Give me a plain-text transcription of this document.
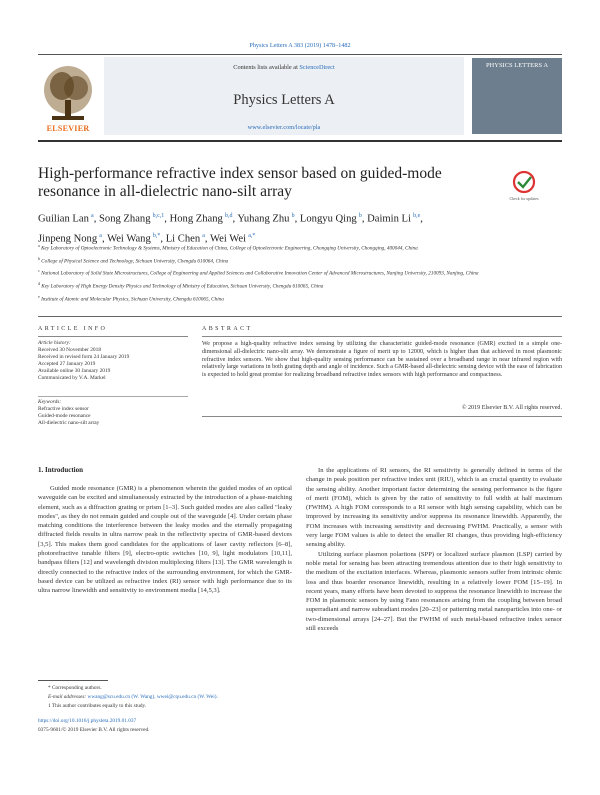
Physics Letters A 383 (2019) 1478–1482
ELSEVIER
Contents lists available at ScienceDirect
Physics Letters A
www.elsevier.com/locate/pla
PHYSICS LETTERS A
High-performance refractive index sensor based on guided-mode resonance in all-dielectric nano-silt array	Check for updates
Guilian Lan  $^a$, Song Zhang  $^{b,c,1}$, Hong Zhang  $^{b,d}$, Yuhang Zhu  $^b$, Longyu Qing  $^b$, Daimin Li  $^{b,e}$,
Jinpeng Nong  $^a$, Wei Wang  $^{b,*}$, Li Chen  $^a$, Wei Wei  $^{a,*}$
$^a$ Key Laboratory of Optoelectronic Technology & Systems, Ministry of Education of China, College of Optoelectronic Engineering, Chongqing University, Chongqing, 400044, China
$^b$ College of Physical Science and Technology, Sichuan University, Chengdu 610064, China
$^c$ National Laboratory of Solid State Microstructures, College of Engineering and Applied Sciences and Collaborative Innovation Center of Advanced Microstructures, Nanjing University, 210093, Nanjing, China
$^d$ Key Laboratory of High Energy Density Physics and Technology of Ministry of Education, Sichuan University, Chengdu 610065, China
$^e$ Institute of Atomic and Molecular Physics, Sichuan University, Chengdu 610065, China
ARTICLE INFO	ABSTRACT
Article history:
Received 30 November 2018
Received in revised form 24 January 2019
Accepted 27 January 2019
Available online 30 January 2019
Communicated by V.A. Markel
Keywords:
Refractive index sensor
Guided-mode resonance
All-dielectric nano-silt array
We propose a high-quality refractive index sensing by utilizing the characteristic guided-mode resonance (GMR) excited in a simple one-dimensional all-dielectric nano-slit array. We demonstrate a figure of merit up to 12000, which is higher than that achieved in most plasmonic refractive index sensors. We show that high-quality sensing performance can be sustained over a broadband range in near infrared region with relatively large variations in both grating depth and angle of incidence. Such a GMR-based all-dielectric sensing device with the ease of fabrication is expected to hold great promise for realizing broadband refractive index sensors with high performance and compactness.
© 2019 Elsevier B.V. All rights reserved.
1. Introduction
Guided mode resonance (GMR) is a phenomenon wherein the guided modes of an optical waveguide can be excited and simultaneously extracted by the introduction of a phase-matching element, such as a diffraction grating or prism [1–3]. Such guided modes are also called "leaky modes", as they do not remain guided and couple out of the waveguide [4]. Under certain phase matching conditions the interference between the leaky modes and the eternally propagating diffracted fields results in ultra narrow peak in the reflectivity spectra of GMR-based devices [3,5]. This makes them good candidates for the applications of laser cavity reflectors [6–8], photorefractive tunable filters [9], electro-optic switches [10, 9], light modulators [10,11], bandpass filters [12] and wavelength division multiplexing filters [13]. The GMR wavelength is directly connected to the refractive index of the surrounding environment, for which the GMR-based device can be utilized as refractive index (RI) sensor with high performance due to its ultra narrow linewidth and sensitivity to environment media [14,5,3].

In the applications of RI sensors, the RI sensitivity is generally defined in terms of the change in peak position per refractive index unit (RIU), which is an crucial quantity to evaluate the sensing ability. Another important factor determining the sensing performance is the figure of merit (FOM), which is given by the ratio of sensitivity to full width at half maximum (FWHM). A high FOM corresponds to a RI sensor with high sensing capability, which can be improved by increasing its sensitivity and/or suppress its resonance linewidth. Apparently, the FOM increases with increasing sensitivity and decreasing FWHM. Practically, a sensor with very large FOM values is able to detect the smaller RI changes, thus providing high-efficiency sensing ability.

Utilizing surface plasmon polaritons (SPP) or localized surface plasmon (LSP) carried by noble metal for sensing has been attracting tremendous attention due to their high sensitivity to the medium of the excitation interfaces. Whereas, plasmonic sensors suffer from intrinsic ohmic loss and thus boarder resonance linewidth, resulting in a relatively lower FOM [15–19]. In recent years, many efforts have been devoted to suppress the resonance linewidth to increase the FOM in plasmonic sensors by using Fano resonances arising from the coupling between broad superradiant and narrow subradiant modes [20–23] or patterning metal nanoparticles into one- or two-dimensional arrays [24–27]. But the FWHM of such metal-based refractive index sensor still exceeds

* Corresponding authors.
E-mail addresses: wwang@scu.edu.cn (W. Wang), wwei@cqu.edu.cn (W. Wei).
1 This author contributes equally to this study.
https://doi.org/10.1016/j.physleta.2019.01.037
0375-9601/© 2019 Elsevier B.V. All rights reserved.
